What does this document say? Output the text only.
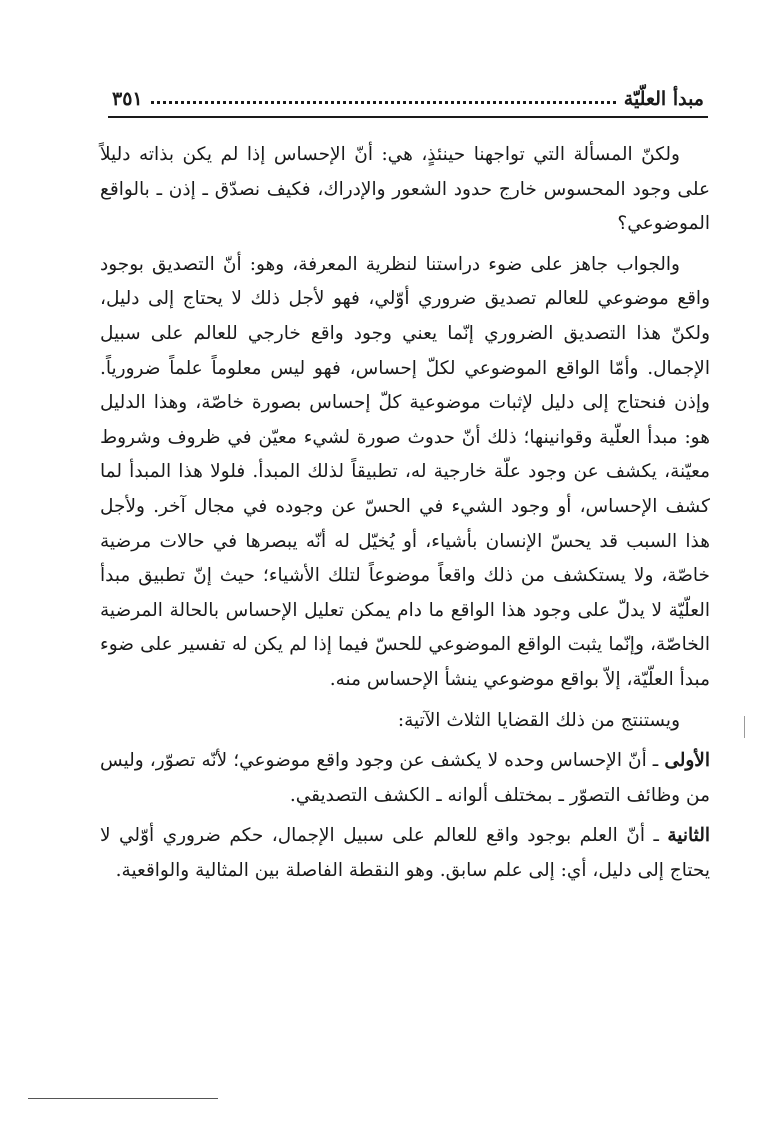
مبدأ العلّيّة
٣٥١

ولكنّ المسألة التي تواجهنا حينئذٍ، هي: أنّ الإحساس إذا لم يكن بذاته دليلاً على وجود المحسوس خارج حدود الشعور والإدراك، فكيف نصدّق ـ إذن ـ بالواقع الموضوعي؟

والجواب جاهز على ضوء دراستنا لنظرية المعرفة، وهو: أنّ التصديق بوجود واقع موضوعي للعالم تصديق ضروري أوّلي، فهو لأجل ذلك لا يحتاج إلى دليل، ولكنّ هذا التصديق الضروري إنّما يعني وجود واقع خارجي للعالم على سبيل الإجمال. وأمّا الواقع الموضوعي لكلّ إحساس، فهو ليس معلوماً علماً ضرورياً. وإذن فنحتاج إلى دليل لإثبات موضوعية كلّ إحساس بصورة خاصّة، وهذا الدليل هو: مبدأ العلّية وقوانينها؛ ذلك أنّ حدوث صورة لشيء معيّن في ظروف وشروط معيّنة، يكشف عن وجود علّة خارجية له، تطبيقاً لذلك المبدأ. فلولا هذا المبدأ لما كشف الإحساس، أو وجود الشيء في الحسّ عن وجوده في مجال آخر. ولأجل هذا السبب قد يحسّ الإنسان بأشياء، أو يُخيّل له أنّه يبصرها في حالات مرضية خاصّة، ولا يستكشف من ذلك واقعاً موضوعاً لتلك الأشياء؛ حيث إنّ تطبيق مبدأ العلّيّة لا يدلّ على وجود هذا الواقع ما دام يمكن تعليل الإحساس بالحالة المرضية الخاصّة، وإنّما يثبت الواقع الموضوعي للحسّ فيما إذا لم يكن له تفسير على ضوء مبدأ العلّيّة، إلاّ بواقع موضوعي ينشأ الإحساس منه.

ويستنتج من ذلك القضايا الثلاث الآتية:

الأولى ـ أنّ الإحساس وحده لا يكشف عن وجود واقع موضوعي؛ لأنّه تصوّر، وليس من وظائف التصوّر ـ بمختلف ألوانه ـ الكشف التصديقي.

الثانية ـ أنّ العلم بوجود واقع للعالم على سبيل الإجمال، حكم ضروري أوّلي لا يحتاج إلى دليل، أي: إلى علم سابق. وهو النقطة الفاصلة بين المثالية والواقعية.
